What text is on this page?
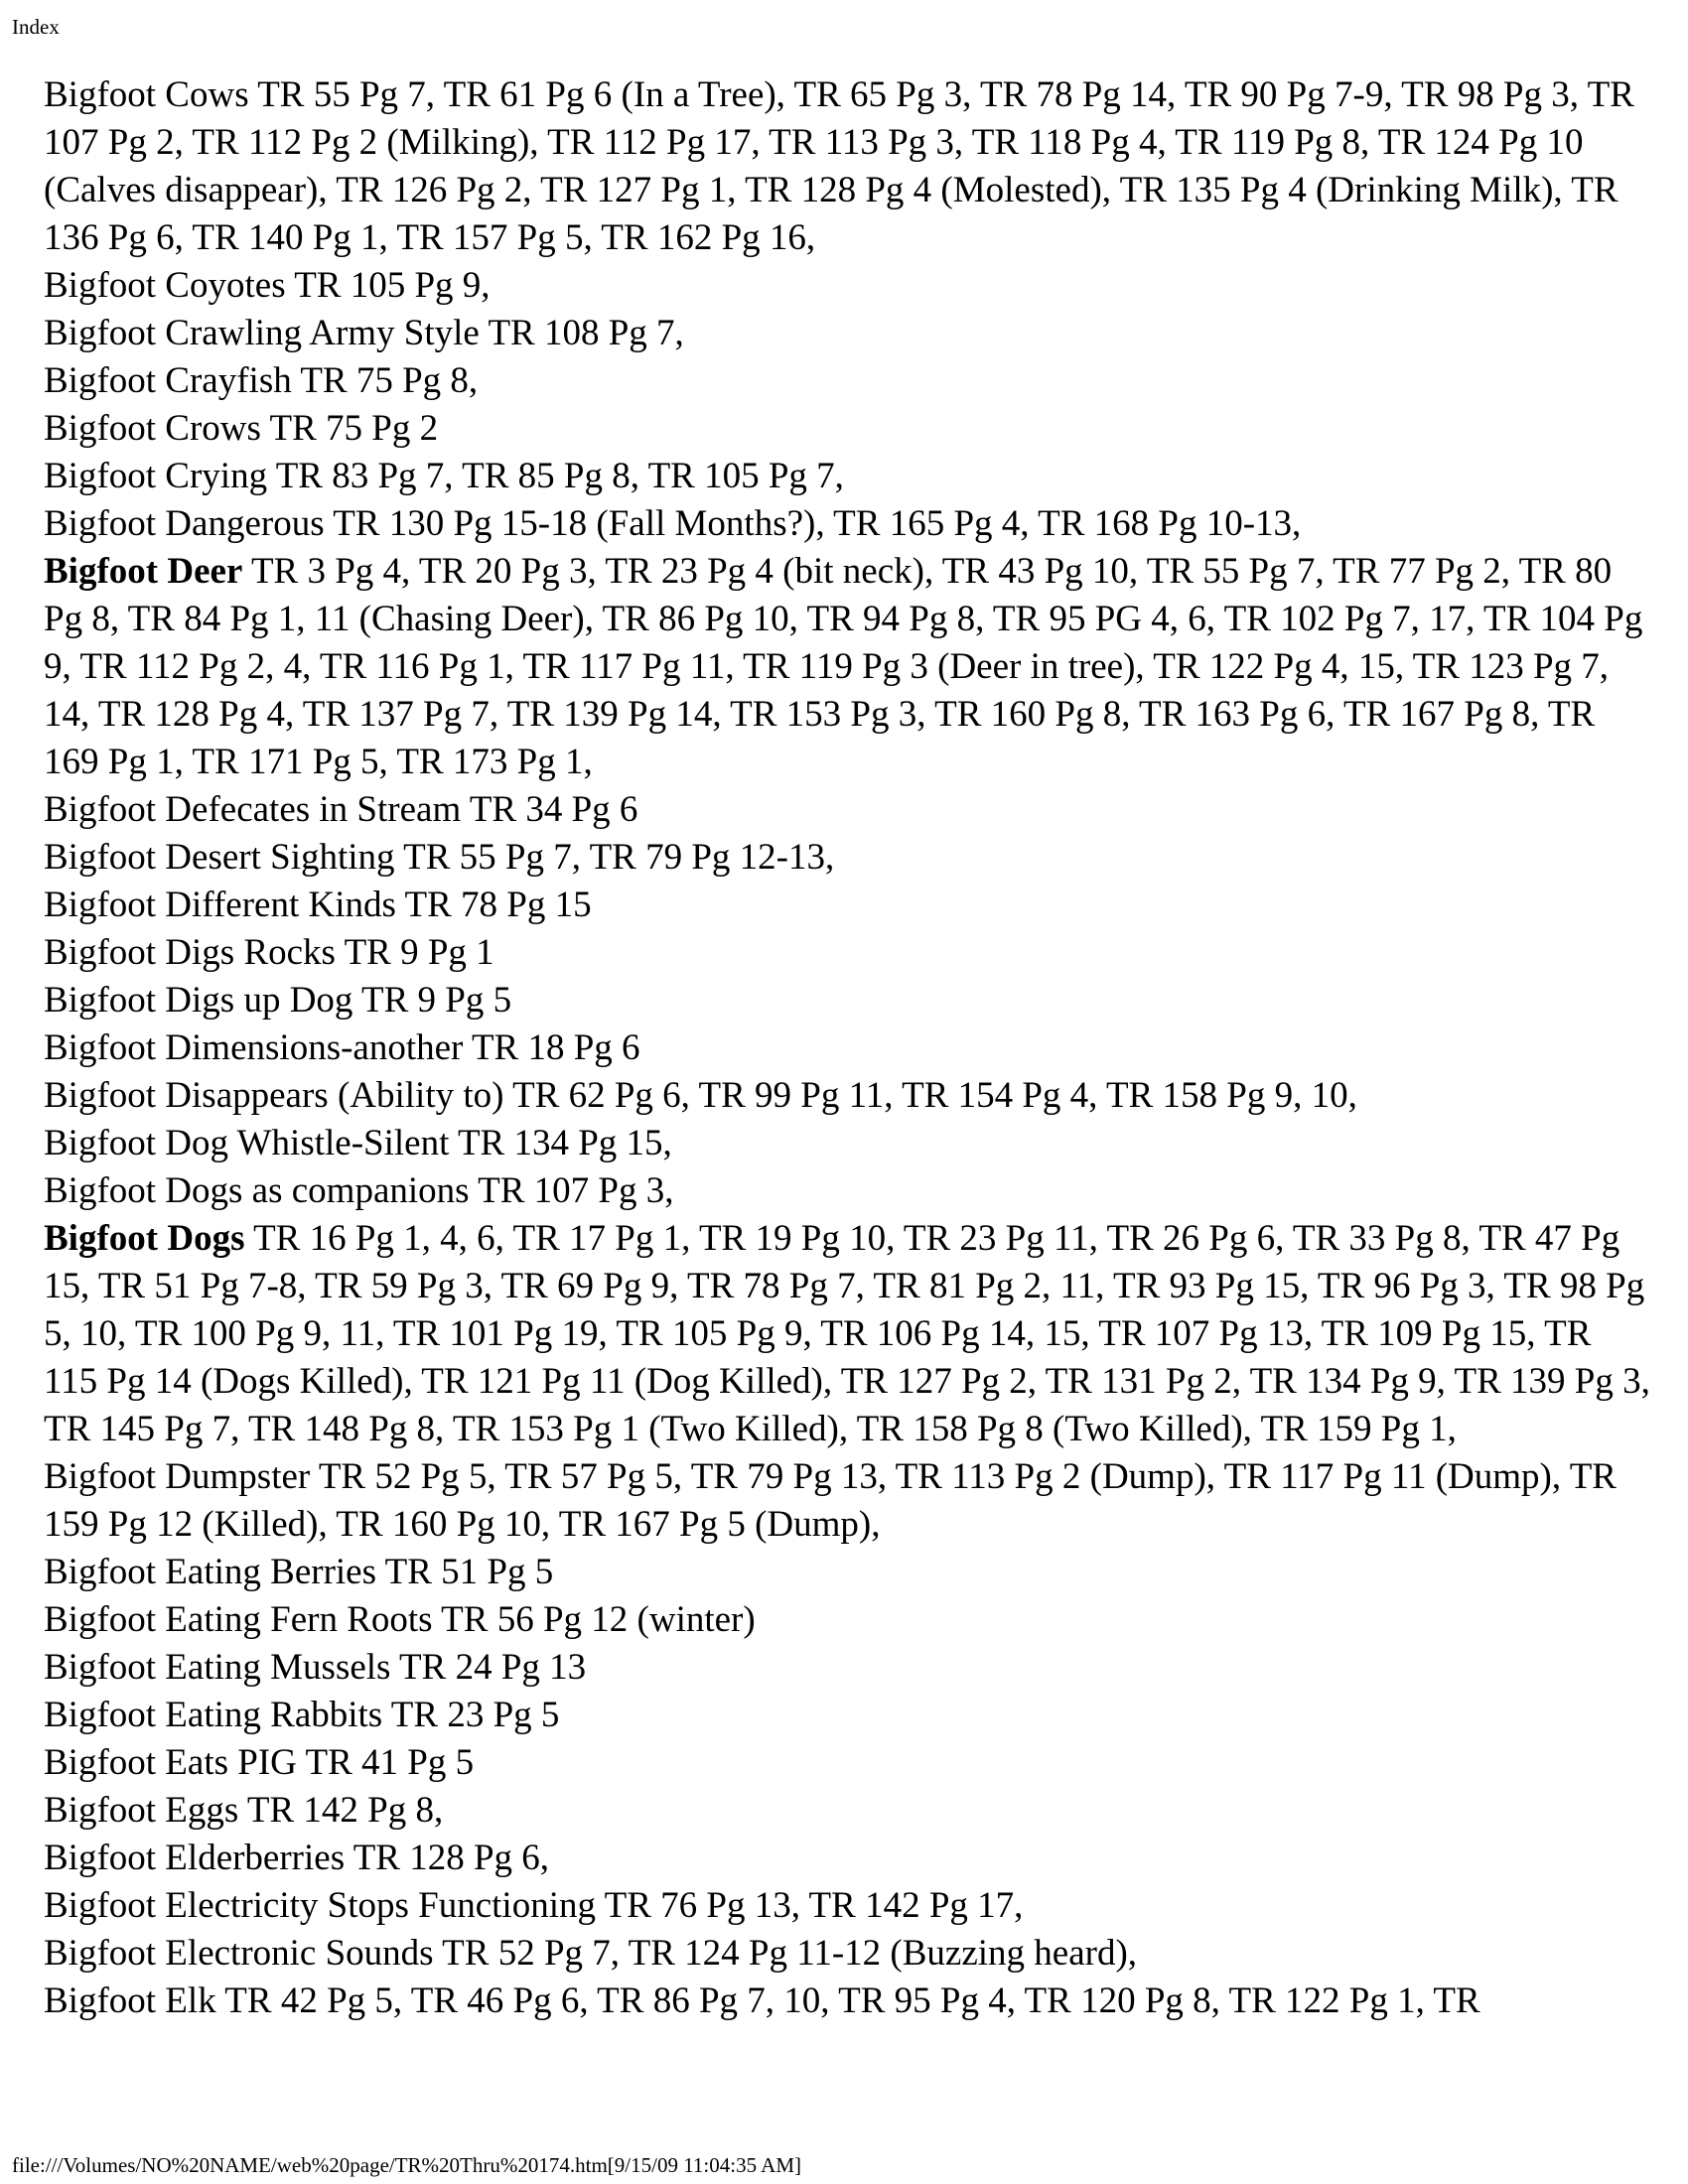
Index
Bigfoot Cows TR 55 Pg 7, TR 61 Pg 6 (In a Tree), TR 65 Pg 3, TR 78 Pg 14, TR 90 Pg 7-9, TR 98 Pg 3, TR 107 Pg 2, TR 112 Pg 2 (Milking), TR 112 Pg 17, TR 113 Pg 3, TR 118 Pg 4, TR 119 Pg 8, TR 124 Pg 10 (Calves disappear), TR 126 Pg 2, TR 127 Pg 1, TR 128 Pg 4 (Molested), TR 135 Pg 4 (Drinking Milk), TR 136 Pg 6, TR 140 Pg 1, TR 157 Pg 5, TR 162 Pg 16,
Bigfoot Coyotes TR 105 Pg 9,
Bigfoot Crawling Army Style TR 108 Pg 7,
Bigfoot Crayfish TR 75 Pg 8,
Bigfoot Crows TR 75 Pg 2
Bigfoot Crying TR 83 Pg 7, TR 85 Pg 8, TR 105 Pg 7,
Bigfoot Dangerous TR 130 Pg 15-18 (Fall Months?), TR 165 Pg 4, TR 168 Pg 10-13,
Bigfoot Deer TR 3 Pg 4, TR 20 Pg 3, TR 23 Pg 4 (bit neck), TR 43 Pg 10, TR 55 Pg 7, TR 77 Pg 2, TR 80 Pg 8, TR 84 Pg 1, 11 (Chasing Deer), TR 86 Pg 10, TR 94 Pg 8, TR 95 PG 4, 6, TR 102 Pg 7, 17, TR 104 Pg 9, TR 112 Pg 2, 4, TR 116 Pg 1, TR 117 Pg 11, TR 119 Pg 3 (Deer in tree), TR 122 Pg 4, 15, TR 123 Pg 7, 14, TR 128 Pg 4, TR 137 Pg 7, TR 139 Pg 14, TR 153 Pg 3, TR 160 Pg 8, TR 163 Pg 6, TR 167 Pg 8, TR 169 Pg 1, TR 171 Pg 5, TR 173 Pg 1,
Bigfoot Defecates in Stream TR 34 Pg 6
Bigfoot Desert Sighting TR 55 Pg 7, TR 79 Pg 12-13,
Bigfoot Different Kinds TR 78 Pg 15
Bigfoot Digs Rocks TR 9 Pg 1
Bigfoot Digs up Dog TR 9 Pg 5
Bigfoot Dimensions-another TR 18 Pg 6
Bigfoot Disappears (Ability to) TR 62 Pg 6, TR 99 Pg 11, TR 154 Pg 4, TR 158 Pg 9, 10,
Bigfoot Dog Whistle-Silent TR 134 Pg 15,
Bigfoot Dogs as companions TR 107 Pg 3,
Bigfoot Dogs TR 16 Pg 1, 4, 6, TR 17 Pg 1, TR 19 Pg 10, TR 23 Pg 11, TR 26 Pg 6, TR 33 Pg 8, TR 47 Pg 15, TR 51 Pg 7-8, TR 59 Pg 3, TR 69 Pg 9, TR 78 Pg 7, TR 81 Pg 2, 11, TR 93 Pg 15, TR 96 Pg 3, TR 98 Pg 5, 10, TR 100 Pg 9, 11, TR 101 Pg 19, TR 105 Pg 9, TR 106 Pg 14, 15, TR 107 Pg 13, TR 109 Pg 15, TR 115 Pg 14 (Dogs Killed), TR 121 Pg 11 (Dog Killed), TR 127 Pg 2, TR 131 Pg 2, TR 134 Pg 9, TR 139 Pg 3, TR 145 Pg 7, TR 148 Pg 8, TR 153 Pg 1 (Two Killed), TR 158 Pg 8 (Two Killed), TR 159 Pg 1,
Bigfoot Dumpster TR 52 Pg 5, TR 57 Pg 5, TR 79 Pg 13, TR 113 Pg 2 (Dump), TR 117 Pg 11 (Dump), TR 159 Pg 12 (Killed), TR 160 Pg 10, TR 167 Pg 5 (Dump),
Bigfoot Eating Berries TR 51 Pg 5
Bigfoot Eating Fern Roots TR 56 Pg 12 (winter)
Bigfoot Eating Mussels TR 24 Pg 13
Bigfoot Eating Rabbits TR 23 Pg 5
Bigfoot Eats PIG TR 41 Pg 5
Bigfoot Eggs TR 142 Pg 8,
Bigfoot Elderberries TR 128 Pg 6,
Bigfoot Electricity Stops Functioning TR 76 Pg 13, TR 142 Pg 17,
Bigfoot Electronic Sounds TR 52 Pg 7, TR 124 Pg 11-12 (Buzzing heard),
Bigfoot Elk TR 42 Pg 5, TR 46 Pg 6, TR 86 Pg 7, 10, TR 95 Pg 4, TR 120 Pg 8, TR 122 Pg 1, TR
file:///Volumes/NO%20NAME/web%20page/TR%20Thru%20174.htm[9/15/09 11:04:35 AM]
